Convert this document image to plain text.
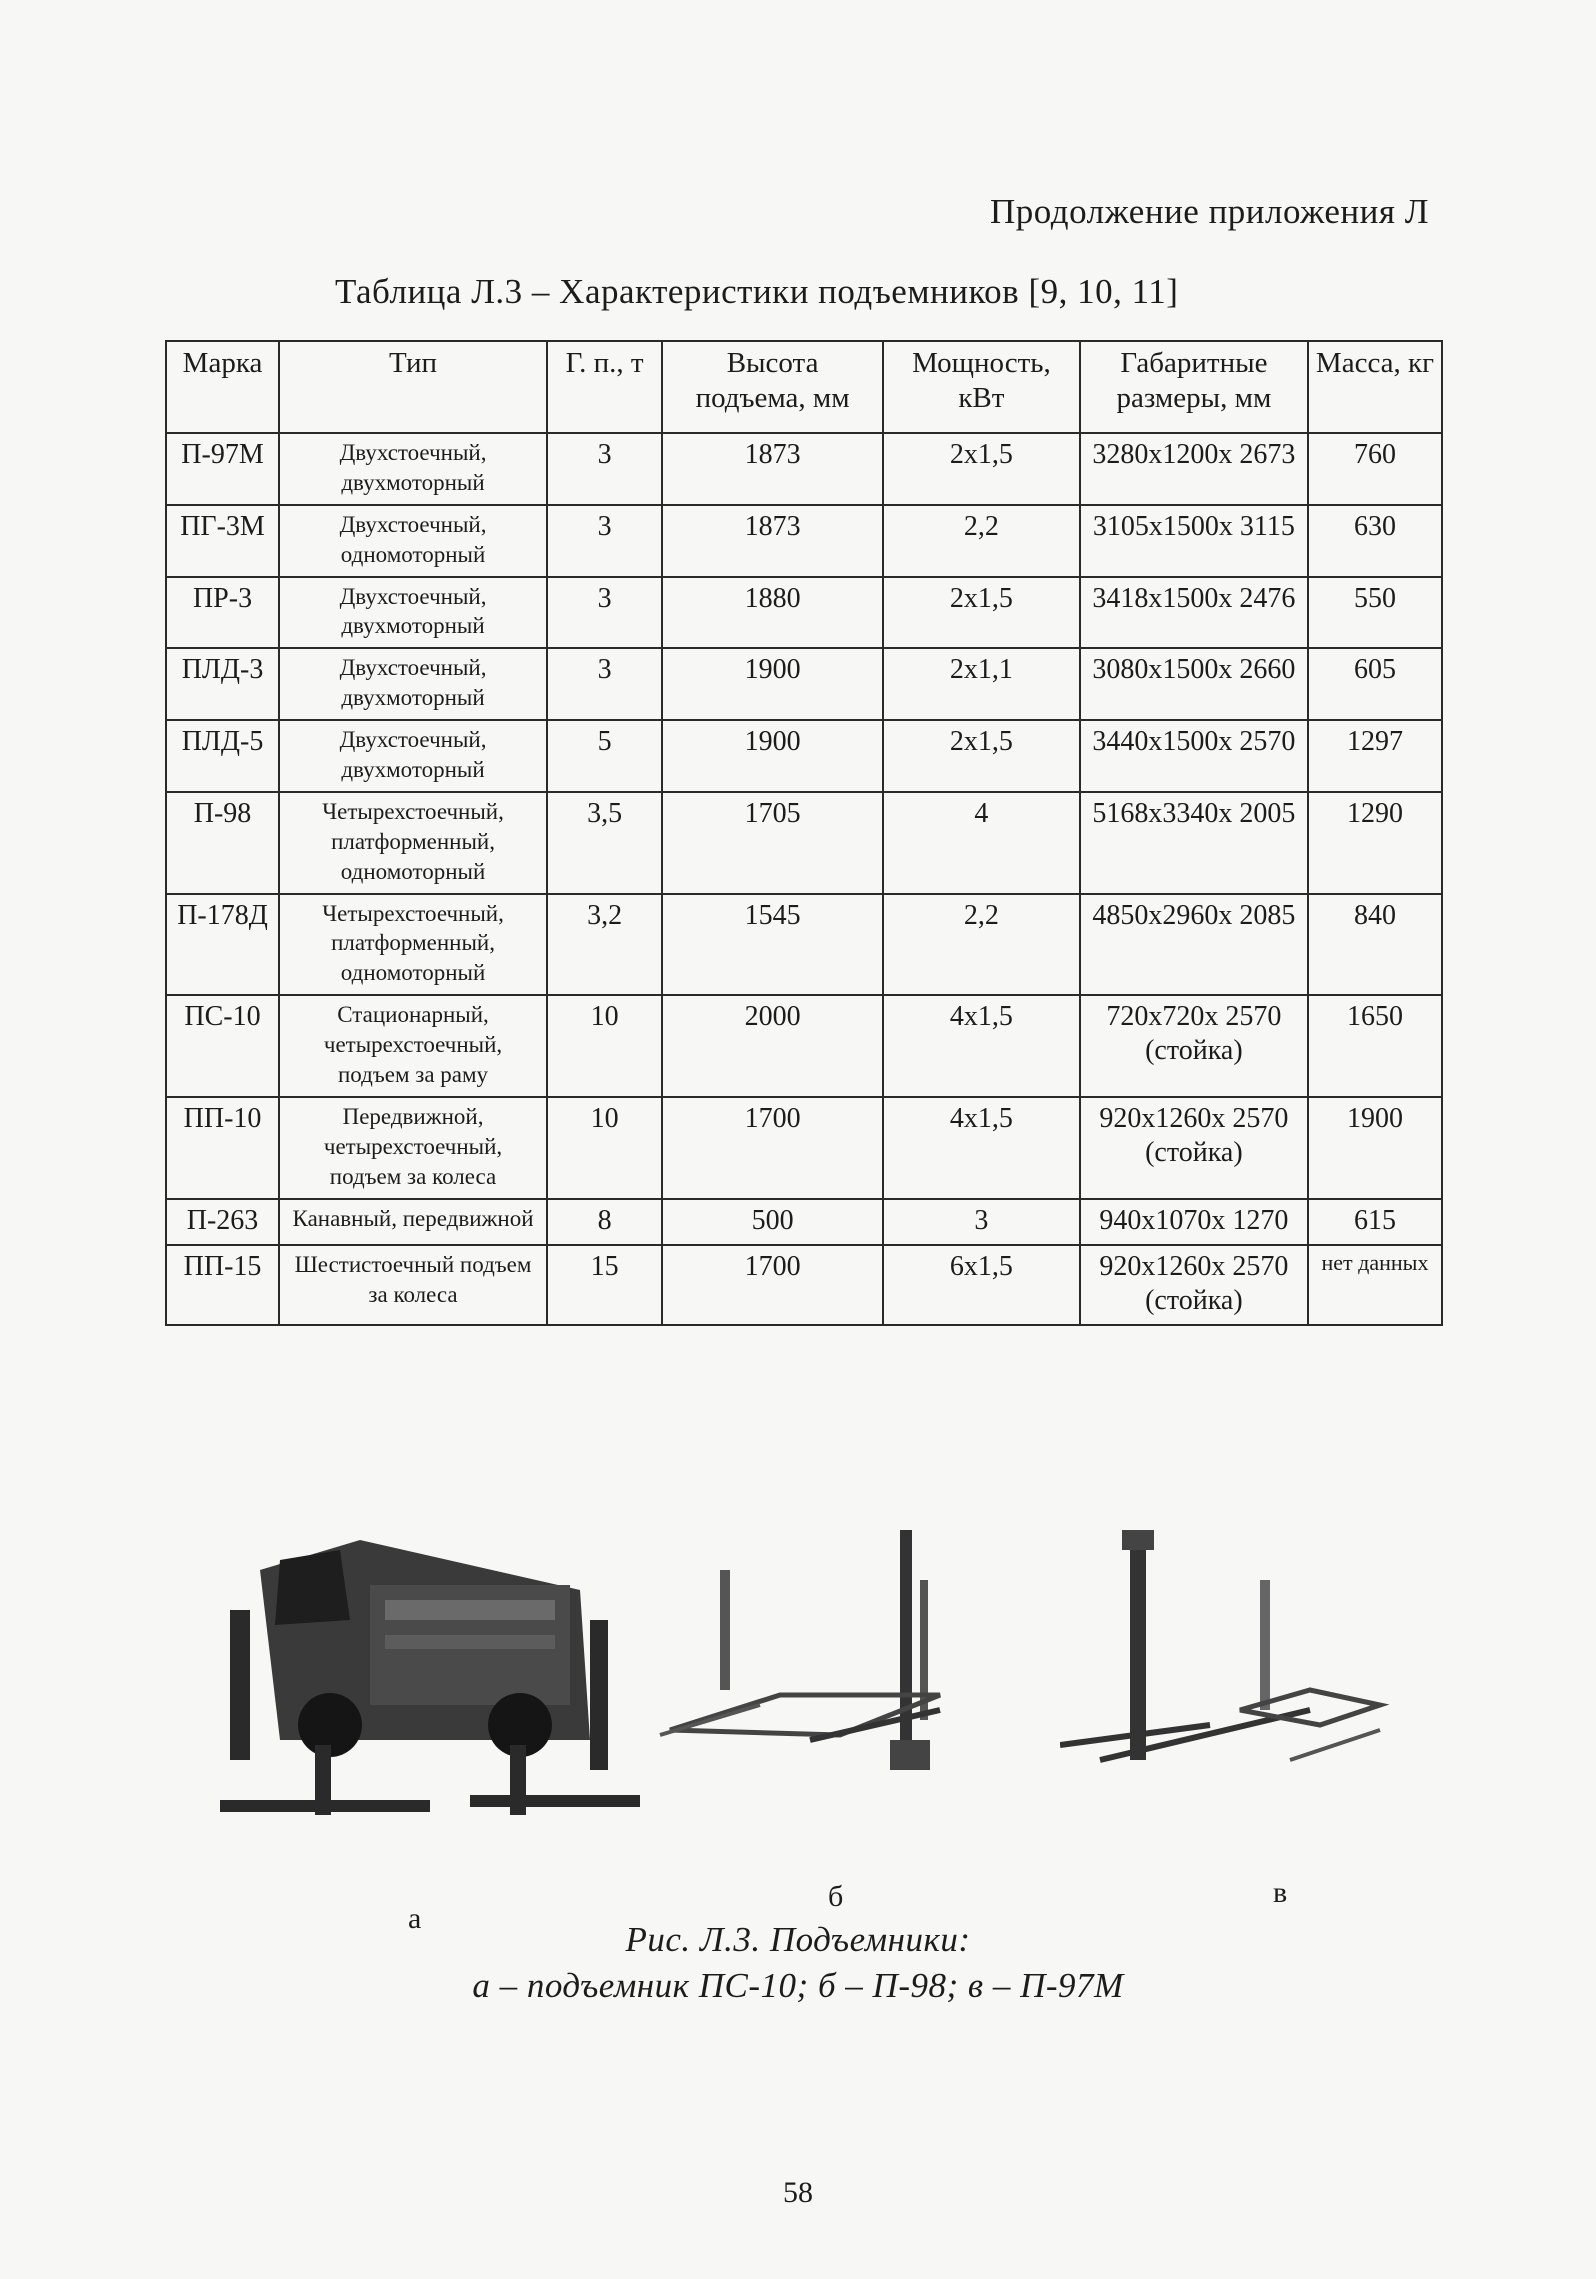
Продолжение приложения Л
Таблица Л.3 – Характеристики подъемников [9, 10, 11]
Марка	Тип	Г. п., т	Высота подъема, мм	Мощность, кВт	Габаритные размеры, мм	Масса, кг
П-97М	Двухстоечный, двухмоторный	3	1873	2x1,5	3280x1200x 2673	760
ПГ-3М	Двухстоечный, одномоторный	3	1873	2,2	3105x1500x 3115	630
ПР-3	Двухстоечный, двухмоторный	3	1880	2x1,5	3418x1500x 2476	550
ПЛД-3	Двухстоечный, двухмоторный	3	1900	2x1,1	3080x1500x 2660	605
ПЛД-5	Двухстоечный, двухмоторный	5	1900	2x1,5	3440x1500x 2570	1297
П-98	Четырехстоечный, платформенный, одномоторный	3,5	1705	4	5168x3340x 2005	1290
П-178Д	Четырехстоечный, платформенный, одномоторный	3,2	1545	2,2	4850x2960x 2085	840
ПС-10	Стационарный, четырехстоечный, подъем за раму	10	2000	4x1,5	720x720x 2570 (стойка)	1650
ПП-10	Передвижной, четырехстоечный, подъем за колеса	10	1700	4x1,5	920x1260x 2570 (стойка)	1900
П-263	Канавный, передвижной	8	500	3	940x1070x 1270	615
ПП-15	Шестистоечный подъем за колеса	15	1700	6x1,5	920x1260x 2570 (стойка)	нет данных
а
б	в
Рис. Л.3. Подъемники:
а – подъемник ПС-10; б – П-98; в – П-97М
58
